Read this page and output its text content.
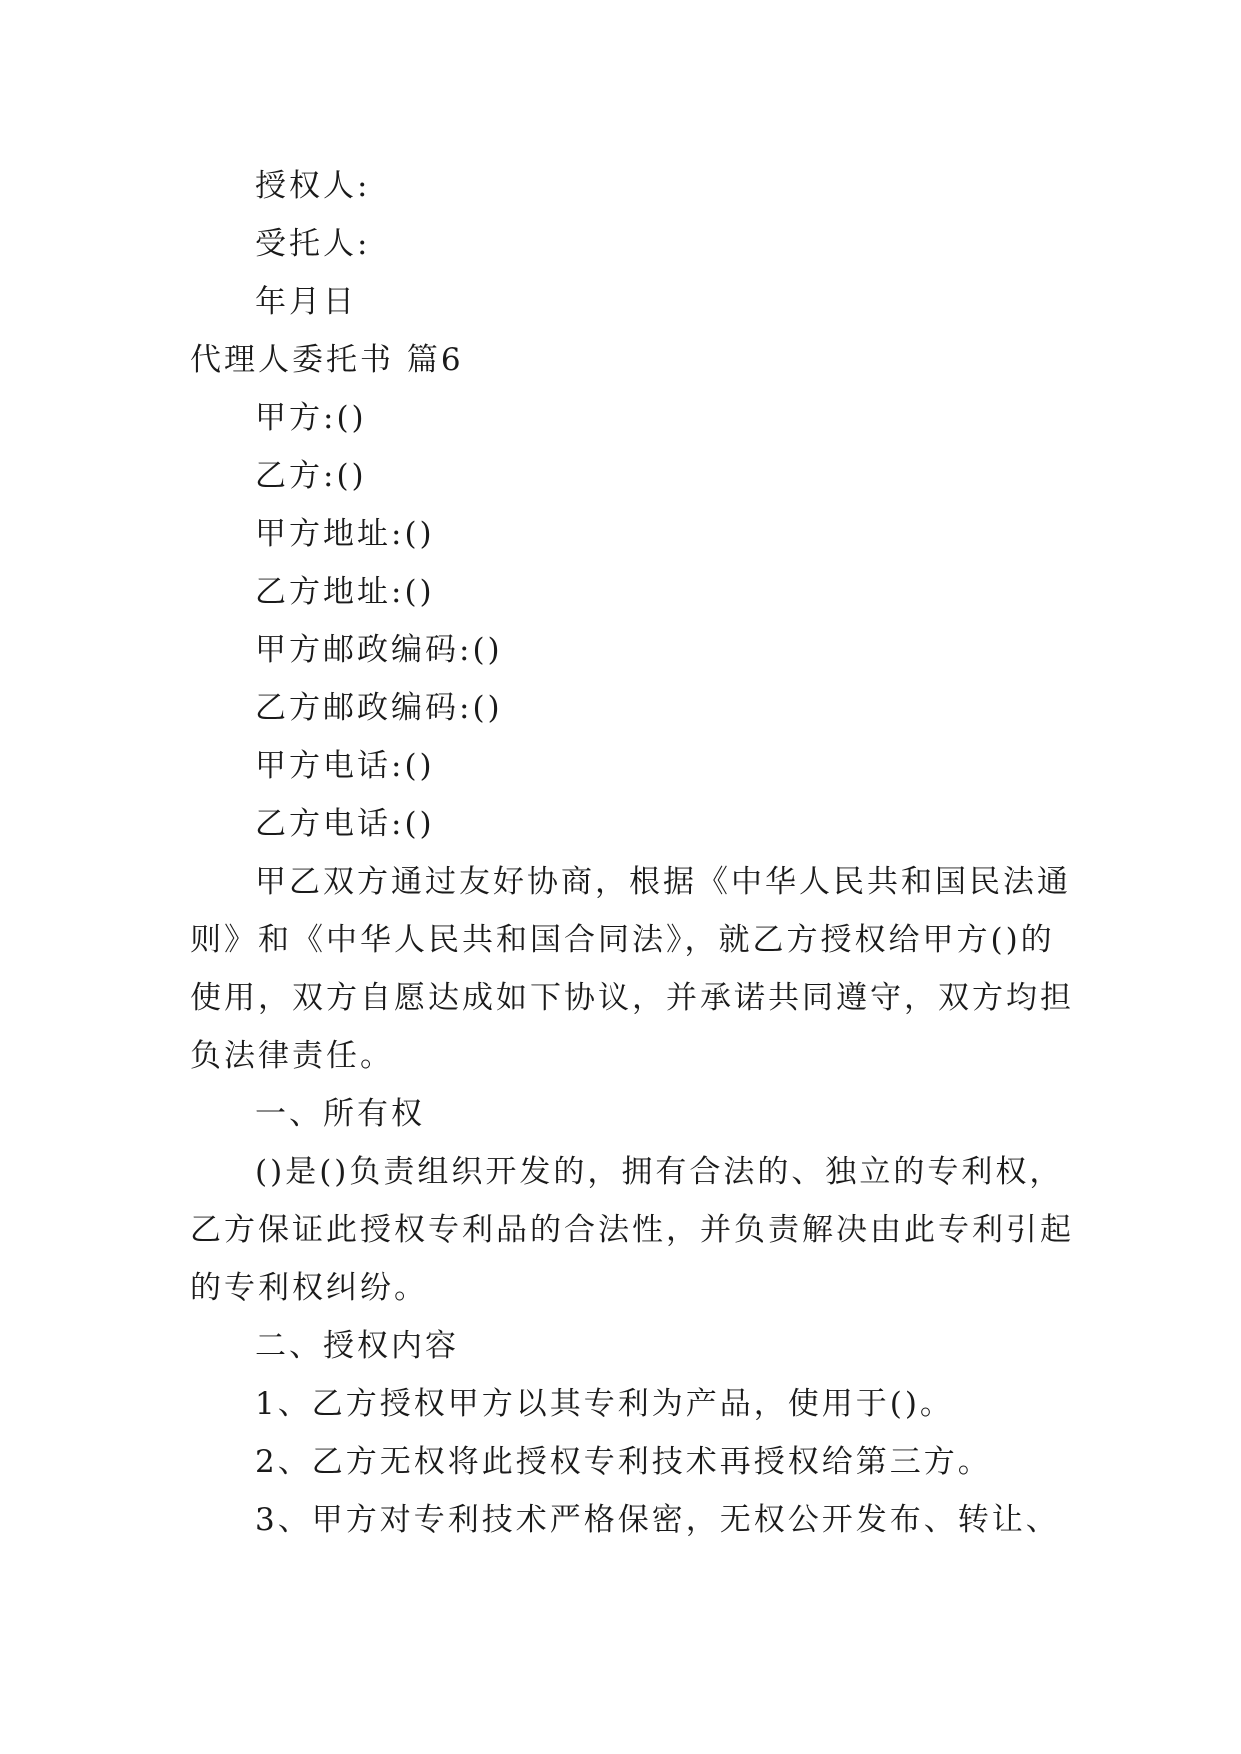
授权人:
受托人:
年月日
代理人委托书 篇6
甲方:()
乙方:()
甲方地址:()
乙方地址:()
甲方邮政编码:()
乙方邮政编码:()
甲方电话:()
乙方电话:()
甲乙双方通过友好协商，根据《中华人民共和国民法通
则》和《中华人民共和国合同法》，就乙方授权给甲方()的
使用，双方自愿达成如下协议，并承诺共同遵守，双方均担
负法律责任。
一、所有权
()是()负责组织开发的，拥有合法的、独立的专利权，
乙方保证此授权专利品的合法性，并负责解决由此专利引起
的专利权纠纷。
二、授权内容
1、乙方授权甲方以其专利为产品，使用于()。
2、乙方无权将此授权专利技术再授权给第三方。
3、甲方对专利技术严格保密，无权公开发布、转让、
